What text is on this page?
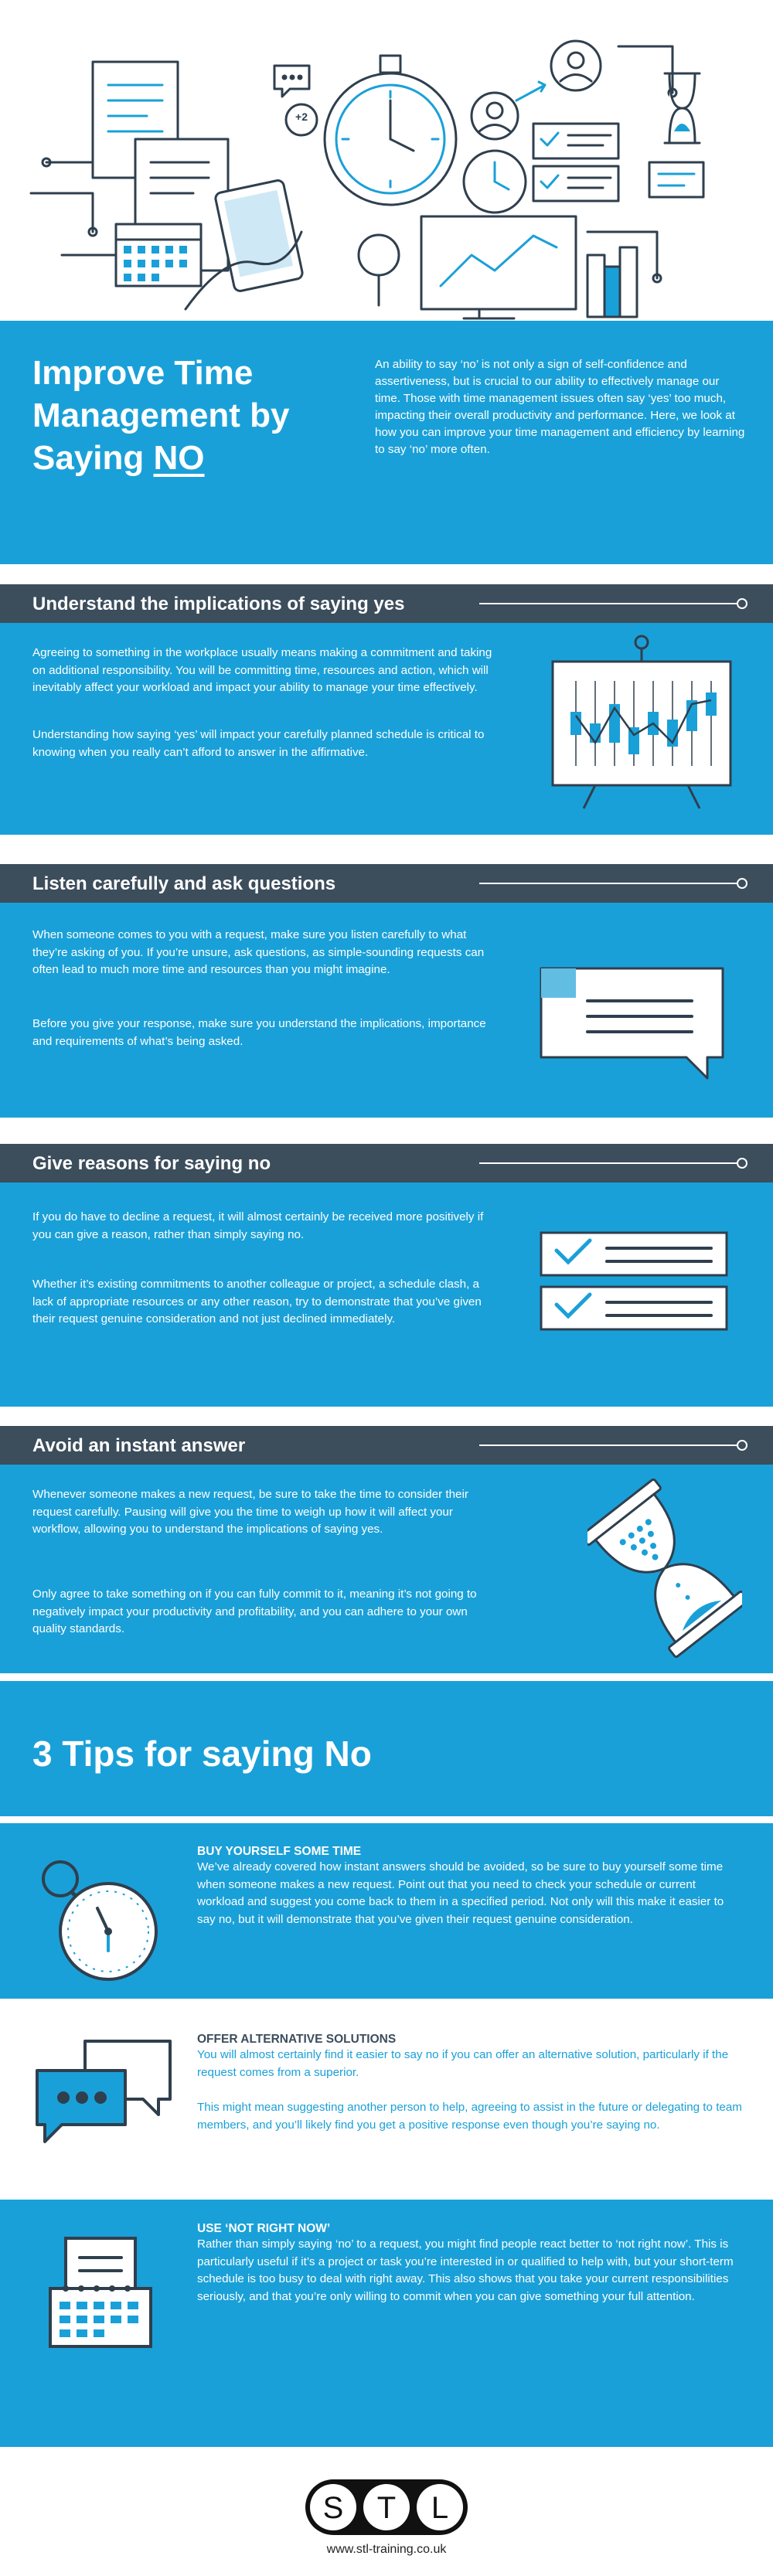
+2
Improve Time
Management by
Saying NO
An ability to say ‘no’ is not only a sign of self-confidence and assertiveness, but is crucial to our ability to effectively manage our time. Those with time management issues often say ‘yes’ too much, impacting their overall productivity and performance. Here, we look at how you can improve your time management and efficiency by learning to say ‘no’ more often.
Understand the implications of saying yes
Agreeing to something in the workplace usually means making a commitment and taking on additional responsibility. You will be committing time, resources and action, which will inevitably affect your workload and impact your ability to manage your time effectively.
Understanding how saying ‘yes’ will impact your carefully planned schedule is critical to knowing when you really can’t afford to answer in the affirmative.
Listen carefully and ask questions
When someone comes to you with a request, make sure you listen carefully to what they’re asking of you. If you’re unsure, ask questions, as simple-sounding requests can often lead to much more time and resources than you might imagine.
Before you give your response, make sure you understand the implications, importance and requirements of what’s being asked.
Give reasons for saying no
If you do have to decline a request, it will almost certainly be received more positively if you can give a reason, rather than simply saying no.
Whether it’s existing commitments to another colleague or project, a schedule clash, a lack of appropriate resources or any other reason, try to demonstrate that you’ve given their request genuine consideration and not just declined immediately.
Avoid an instant answer
Whenever someone makes a new request, be sure to take the time to consider their request carefully. Pausing will give you the time to weigh up how it will affect your workflow, allowing you to understand the implications of saying yes.
Only agree to take something on if you can fully commit to it, meaning it’s not going to negatively impact your productivity and profitability, and you can adhere to your own quality standards.
3 Tips for saying No
BUY YOURSELF SOME TIME
We’ve already covered how instant answers should be avoided, so be sure to buy yourself some time when someone makes a new request. Point out that you need to check your schedule or current workload and suggest you come back to them in a specified period. Not only will this make it easier to say no, but it will demonstrate that you’ve given their request genuine consideration.
OFFER ALTERNATIVE SOLUTIONS
You will almost certainly find it easier to say no if you can offer an alternative solution, particularly if the request comes from a superior.
This might mean suggesting another person to help, agreeing to assist in the future or delegating to team members, and you’ll likely find you get a positive response even though you’re saying no.
USE ‘NOT RIGHT NOW’
Rather than simply saying ‘no’ to a request, you might find people react better to ‘not right now’. This is particularly useful if it’s a project or task you’re interested in or qualified to help with, but your short-term schedule is too busy to deal with right away. This also shows that you take your current responsibilities seriously, and that you’re only willing to commit when you can give something your full attention.
S T L
www.stl-training.co.uk
